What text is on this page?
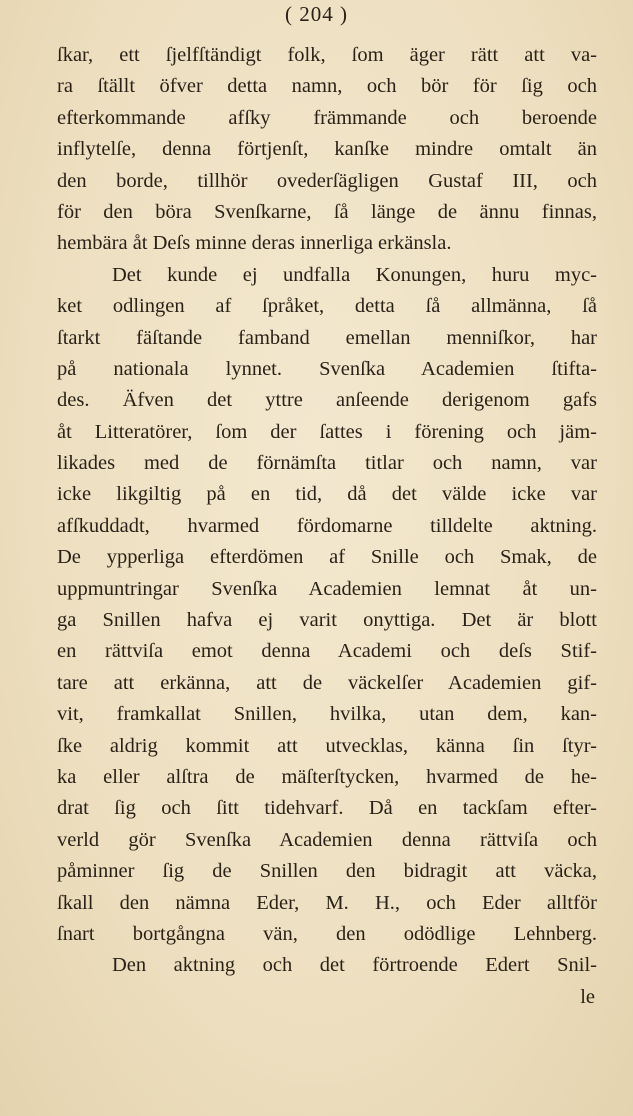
( 204 )
ſkar, ett ſjelfſtändigt folk, ſom äger rätt att va-
ra ſtällt öfver detta namn, och bör för ſig och
efterkommande afſky främmande och beroende
inflytelſe, denna förtjenſt, kanſke mindre omtalt än
den borde, tillhör ovederſägligen Gustaf III, och
för den böra Svenſkarne, ſå länge de ännu finnas,
hembära åt Deſs minne deras innerliga erkänsla.
Det kunde ej undfalla Konungen, huru myc-
ket odlingen af ſpråket, detta ſå allmänna, ſå
ſtarkt fäſtande famband emellan menniſkor, har
på nationala lynnet. Svenſka Academien ſtifta-
des. Äfven det yttre anſeende derigenom gafs
åt Litteratörer, ſom der ſattes i förening och jäm-
likades med de förnämſta titlar och namn, var
icke likgiltig på en tid, då det välde icke var
afſkuddadt, hvarmed fördomarne tilldelte aktning.
De ypperliga efterdömen af Snille och Smak, de
uppmuntringar Svenſka Academien lemnat åt un-
ga Snillen hafva ej varit onyttiga. Det är blott
en rättviſa emot denna Academi och deſs Stif-
tare att erkänna, att de väckelſer Academien gif-
vit, framkallat Snillen, hvilka, utan dem, kan-
ſke aldrig kommit att utvecklas, känna ſin ſtyr-
ka eller alſtra de mäſterſtycken, hvarmed de he-
drat ſig och ſitt tidehvarf. Då en tackſam efter-
verld gör Svenſka Academien denna rättviſa och
påminner ſig de Snillen den bidragit att väcka,
ſkall den nämna Eder, M. H., och Eder alltför
ſnart bortgångna vän, den odödlige Lehnberg.
Den aktning och det förtroende Edert Snil-
le
